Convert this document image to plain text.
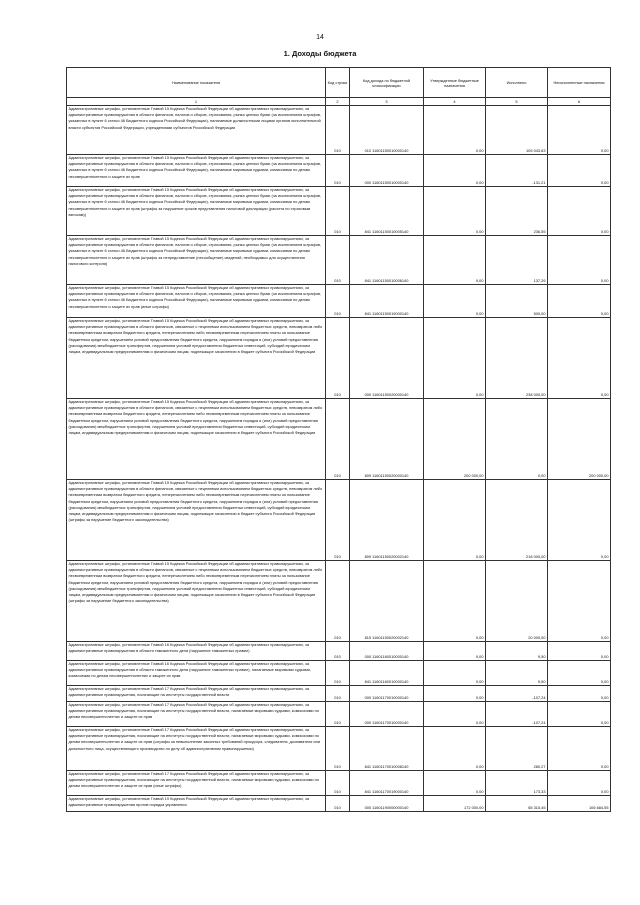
14
1. Доходы бюджета
Наименование показателя	Код строки	Код дохода по бюджетной классификации	Утвержденные бюджетные назначения	Исполнено	Неисполненные назначения
1	2	3	4	5	6
Административные штрафы, установленные Главой 15 Кодекса Российской Федерации об административных правонарушениях, за административные правонарушения в области финансов, налогов и сборов, страхования, рынка ценных бумаг (за исключением штрафов, указанных в пункте 6 статьи 46 Бюджетного кодекса Российской Федерации), налагаемые должностными лицами органов исполнительной власти субъектов Российской Федерации, учреждениями субъектов Российской Федерации	010	010 11601150010000140	0,00	105 043,83	0,00
Административные штрафы, установленные Главой 15 Кодекса Российской Федерации об административных правонарушениях, за административные правонарушения в области финансов, налогов и сборов, страхования, рынка ценных бумаг (за исключением штрафов, указанных в пункте 6 статьи 46 Бюджетного кодекса Российской Федерации), налагаемые мировыми судьями, комиссиями по делам несовершеннолетних и защите их прав	010	000 11601150010000140	0,00	-131,21	0,00
Административные штрафы, установленные Главой 15 Кодекса Российской Федерации об административных правонарушениях, за административные правонарушения в области финансов, налогов и сборов, страхования, рынка ценных бумаг (за исключением штрафов, указанных в пункте 6 статьи 46 Бюджетного кодекса Российской Федерации), налагаемые мировыми судьями, комиссиями по делам несовершеннолетних и защите их прав (штрафы за нарушение сроков представления налоговой декларации (расчета по страховым взносам))	010	841 11601150010005140	0,00	236,55	0,00
Административные штрафы, установленные Главой 15 Кодекса Российской Федерации об административных правонарушениях, за административные правонарушения в области финансов, налогов и сборов, страхования, рынка ценных бумаг (за исключением штрафов, указанных в пункте 6 статьи 46 Бюджетного кодекса Российской Федерации), налагаемые мировыми судьями, комиссиями по делам несовершеннолетних и защите их прав (штрафы за непредставление (несообщение) сведений, необходимых для осуществления налогового контроля)	010	841 11601150010006140	0,00	137,26	0,00
Административные штрафы, установленные Главой 15 Кодекса Российской Федерации об административных правонарушениях, за административные правонарушения в области финансов, налогов и сборов, страхования, рынка ценных бумаг (за исключением штрафов, указанных в пункте 6 статьи 46 Бюджетного кодекса Российской Федерации), налагаемые мировыми судьями, комиссиями по делам несовершеннолетних и защите их прав (иные штрафы)	010	841 11601150019000140	0,00	500,00	0,00
Административные штрафы, установленные Главой 15 Кодекса Российской Федерации об административных правонарушениях, за административные правонарушения в области финансов, связанные с нецелевым использованием бюджетных средств, невозвратом либо несвоевременным возвратом бюджетного кредита, неперечислением либо несвоевременным перечислением платы за пользование бюджетным кредитом, нарушением условий предоставления бюджетного кредита, нарушением порядка и (или) условий предоставления (расходования) межбюджетных трансфертов, нарушением условий предоставления бюджетных инвестиций, субсидий юридическим лицам, индивидуальным предпринимателям и физическим лицам, подлежащие зачислению в бюджет субъекта Российской Федерации	010	000 11601150020000140	0,00	238 000,00	0,00
Административные штрафы, установленные Главой 15 Кодекса Российской Федерации об административных правонарушениях, за административные правонарушения в области финансов, связанные с нецелевым использованием бюджетных средств, невозвратом либо несвоевременным возвратом бюджетного кредита, неперечислением либо несвоевременным перечислением платы за пользование бюджетным кредитом, нарушением условий предоставления бюджетного кредита, нарушением порядка и (или) условий предоставления (расходования) межбюджетных трансфертов, нарушением условий предоставления бюджетных инвестиций, субсидий юридическим лицам, индивидуальным предпринимателям и физическим лицам, подлежащие зачислению в бюджет субъекта Российской Федерации	010	809 11601150020000140	200 000,00	0,00	200 000,00
Административные штрафы, установленные Главой 15 Кодекса Российской Федерации об административных правонарушениях, за административные правонарушения в области финансов, связанные с нецелевым использованием бюджетных средств, невозвратом либо несвоевременным возвратом бюджетного кредита, неперечислением либо несвоевременным перечислением платы за пользование бюджетным кредитом, нарушением условий предоставления бюджетного кредита, нарушением порядка и (или) условий предоставления (расходования) межбюджетных трансфертов, нарушением условий предоставления бюджетных инвестиций, субсидий юридическим лицам, индивидуальным предпринимателям и физическим лицам, подлежащие зачислению в бюджет субъекта Российской Федерации (штрафы за нарушение бюджетного законодательства)	010	809 11601150020002140	0,00	218 000,00	0,00
Административные штрафы, установленные Главой 15 Кодекса Российской Федерации об административных правонарушениях, за административные правонарушения в области финансов, связанные с нецелевым использованием бюджетных средств, невозвратом либо несвоевременным возвратом бюджетного кредита, неперечислением либо несвоевременным перечислением платы за пользование бюджетным кредитом, нарушением условий предоставления бюджетного кредита, нарушением порядка и (или) условий предоставления (расходования) межбюджетных трансфертов, нарушением условий предоставления бюджетных инвестиций, субсидий юридическим лицам, индивидуальным предпринимателям и физическим лицам, подлежащие зачислению в бюджет субъекта Российской Федерации (штрафы за нарушение бюджетного законодательства)	010	815 11601150020002140	0,00	20 000,00	0,00
Административные штрафы, установленные Главой 16 Кодекса Российской Федерации об административных правонарушениях, за административные правонарушения в области таможенного дела (нарушение таможенных правил)	010	000 11601160010000140	0,00	9,50	0,00
Административные штрафы, установленные Главой 16 Кодекса Российской Федерации об административных правонарушениях, за административные правонарушения в области таможенного дела (нарушение таможенных правил), налагаемые мировыми судьями, комиссиями по делам несовершеннолетних и защите их прав	010	841 11601160010000140	0,00	9,50	0,00
Административные штрафы, установленные Главой 17 Кодекса Российской Федерации об административных правонарушениях, за административные правонарушения, посягающие на институты государственной власти	010	000 11601170010000140	0,00	-107,24	0,00
Административные штрафы, установленные Главой 17 Кодекса Российской Федерации об административных правонарушениях, за административные правонарушения, посягающие на институты государственной власти, налагаемые мировыми судьями, комиссиями по делам несовершеннолетних и защите их прав	010	000 11601170010000140	0,00	-107,24	0,00
Административные штрафы, установленные Главой 17 Кодекса Российской Федерации об административных правонарушениях, за административные правонарушения, посягающие на институты государственной власти, налагаемые мировыми судьями, комиссиями по делам несовершеннолетних и защите их прав (штрафы за невыполнение законных требований прокурора, следователя, дознавателя или должностного лица, осуществляющего производство по делу об административном правонарушении)	010	841 11601170010008140	0,00	280,27	0,00
Административные штрафы, установленные Главой 17 Кодекса Российской Федерации об административных правонарушениях, за административные правонарушения, посягающие на институты государственной власти, налагаемые мировыми судьями, комиссиями по делам несовершеннолетних и защите их прав (иные штрафы)	010	841 11601170019000140	0,00	173,33	0,00
Административные штрафы, установленные Главой 19 Кодекса Российской Федерации об административных правонарушениях, за административные правонарушения против порядка управления	010	000 11601190000000140	172 000,00	65 315,45	106 684,55
